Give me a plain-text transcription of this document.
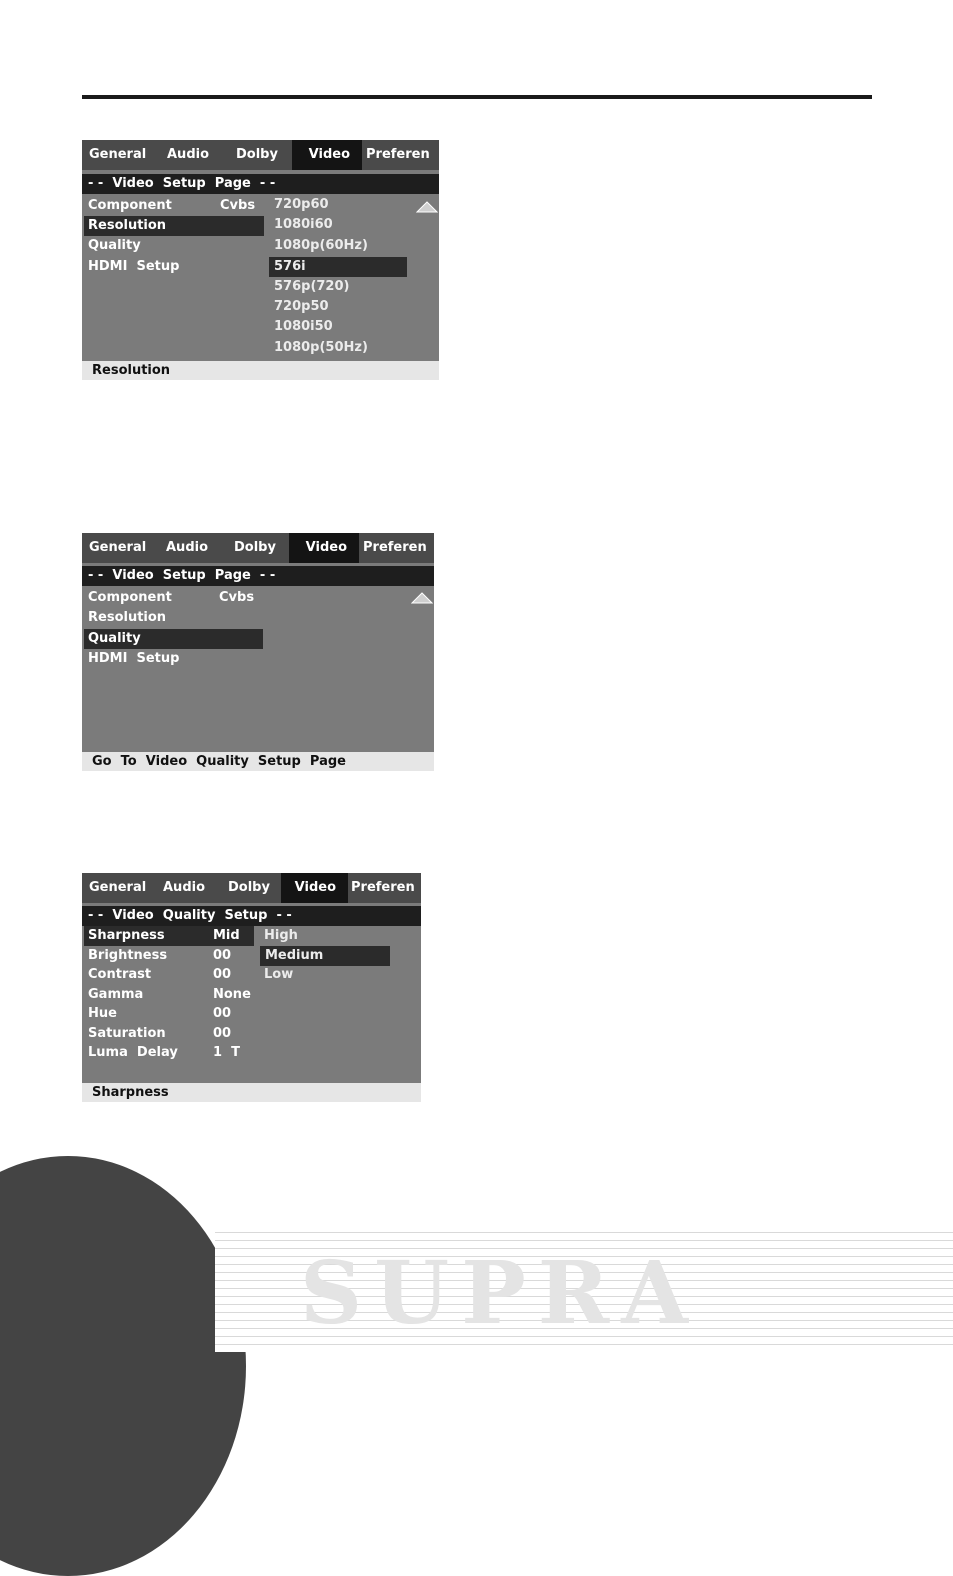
General Audio Dolby	Video	Preferen
- -  Video  Setup  Page  - -
Component	Cvbs
Resolution
Quality
HDMI  Setup
720p60
1080i60
1080p(60Hz)
576i
576p(720)
720p50
1080i50
1080p(50Hz)
Resolution
General Audio Dolby	Video	Preferen
- -  Video  Setup  Page  - -
Component	Cvbs
Resolution
Quality
HDMI  Setup
Go  To  Video  Quality  Setup  Page
General Audio Dolby	Video	Preferen
- -  Video  Quality  Setup  - -
Sharpness	Mid
Brightness	00
Contrast	00
Gamma	None
Hue	00
Saturation	00
Luma  Delay	1  T
High
Medium
Low
Sharpness
SUPRA
